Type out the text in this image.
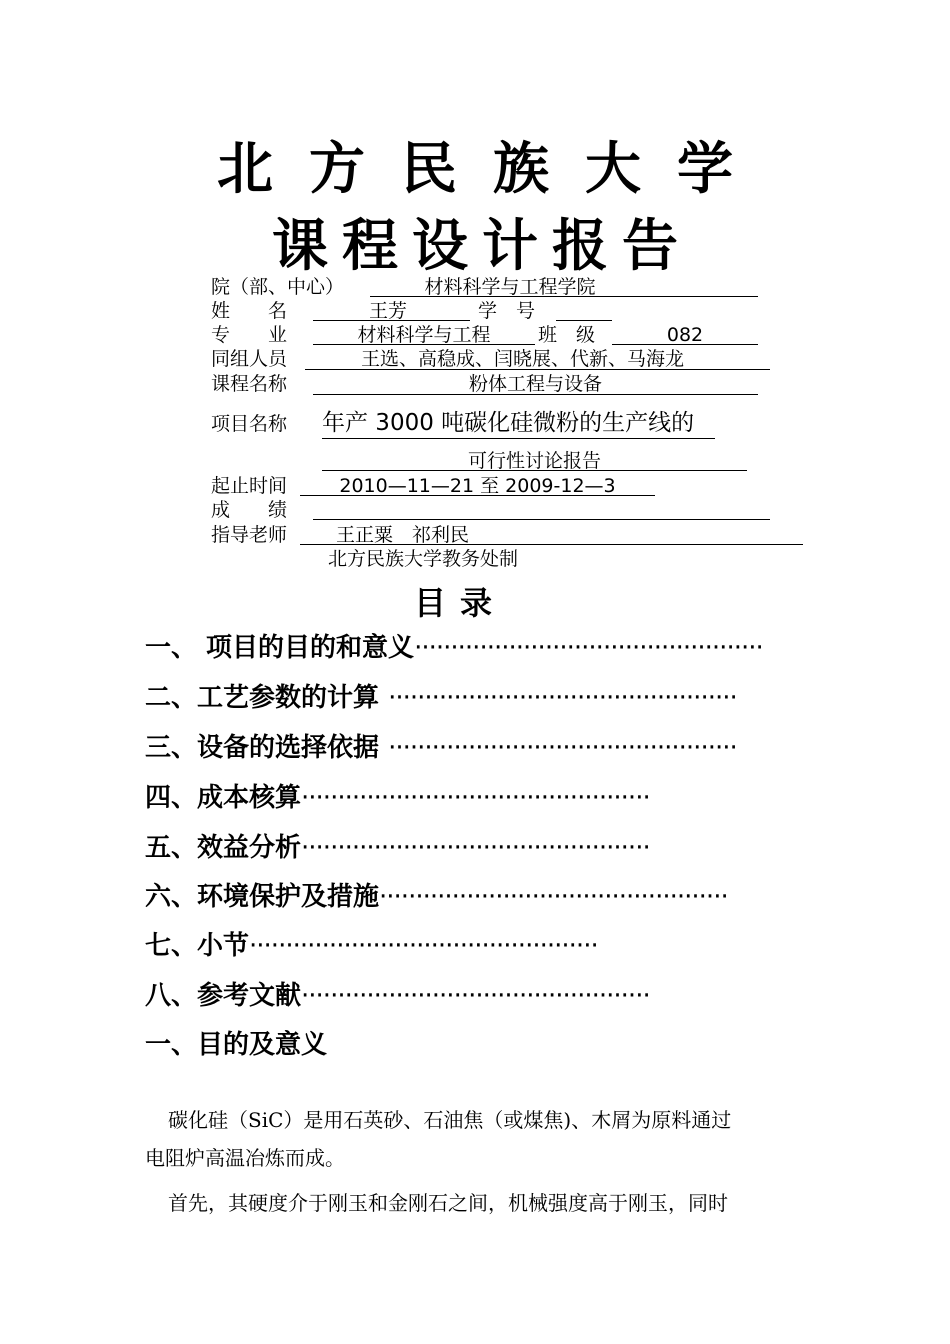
北方民族大学
课程设计报告
院（部、中心）	材料科学与工程学院
姓　　名	王芳	学　号
专　　业	材料科学与工程	班　级	082
同组人员	王选、高稳成、闫晓展、代新、马海龙
课程名称	粉体工程与设备
项目名称 年产 3000 吨碳化硅微粉的生产线的
可行性讨论报告
起止时间	2010—11—21 至 2009-12—3
成　　绩
指导老师	王正粟　祁利民
北方民族大学教务处制
目录
一、 项目的目的和意义················································
二、工艺参数的计算 ················································
三、设备的选择依据 ················································
四、成本核算················································
五、效益分析················································
六、环境保护及措施················································
七、小节················································
八、参考文献················································
一、目的及意义
碳化硅（SiC）是用石英砂、石油焦（或煤焦)、木屑为原料通过
电阻炉高温冶炼而成。
首先，其硬度介于刚玉和金刚石之间，机械强度高于刚玉，同时
